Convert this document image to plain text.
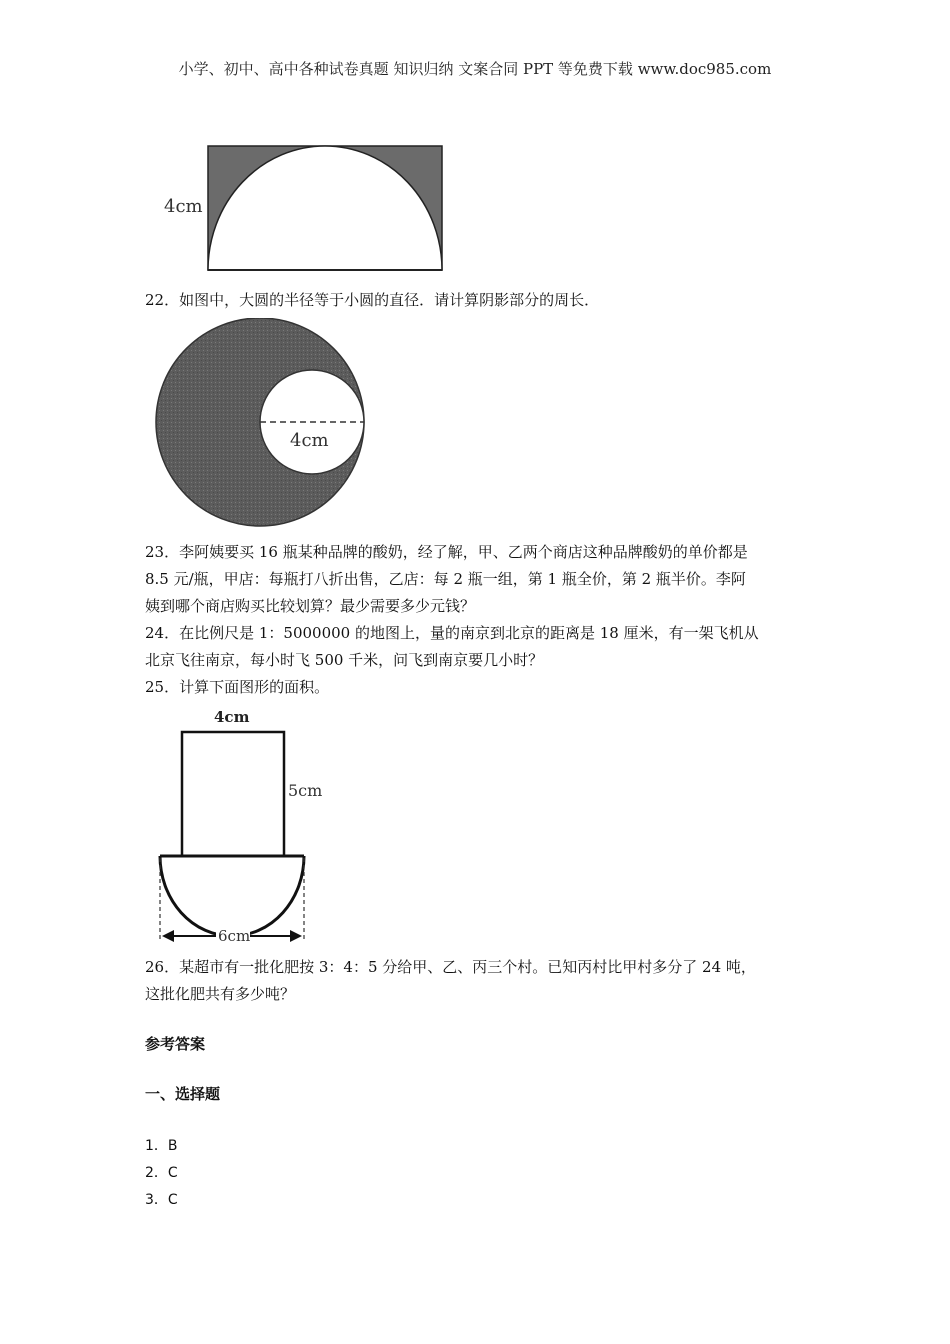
小学、初中、高中各种试卷真题 知识归纳 文案合同 PPT 等免费下载 www.doc985.com
4cm
22．如图中，大圆的半径等于小圆的直径．请计算阴影部分的周长．
4cm
23．李阿姨要买 16 瓶某种品牌的酸奶，经了解，甲、乙两个商店这种品牌酸奶的单价都是
8.5 元/瓶，甲店：每瓶打八折出售，乙店：每 2 瓶一组，第 1 瓶全价，第 2 瓶半价。李阿
姨到哪个商店购买比较划算？最少需要多少元钱？
24．在比例尺是 1：5000000 的地图上，量的南京到北京的距离是 18 厘米，有一架飞机从
北京飞往南京，每小时飞 500 千米，问飞到南京要几小时？
25．计算下面图形的面积。
4cm
5cm
6cm
26．某超市有一批化肥按 3：4：5 分给甲、乙、丙三个村。已知丙村比甲村多分了 24 吨，
这批化肥共有多少吨？
参考答案
一、选择题
1．B
2．C
3．C
